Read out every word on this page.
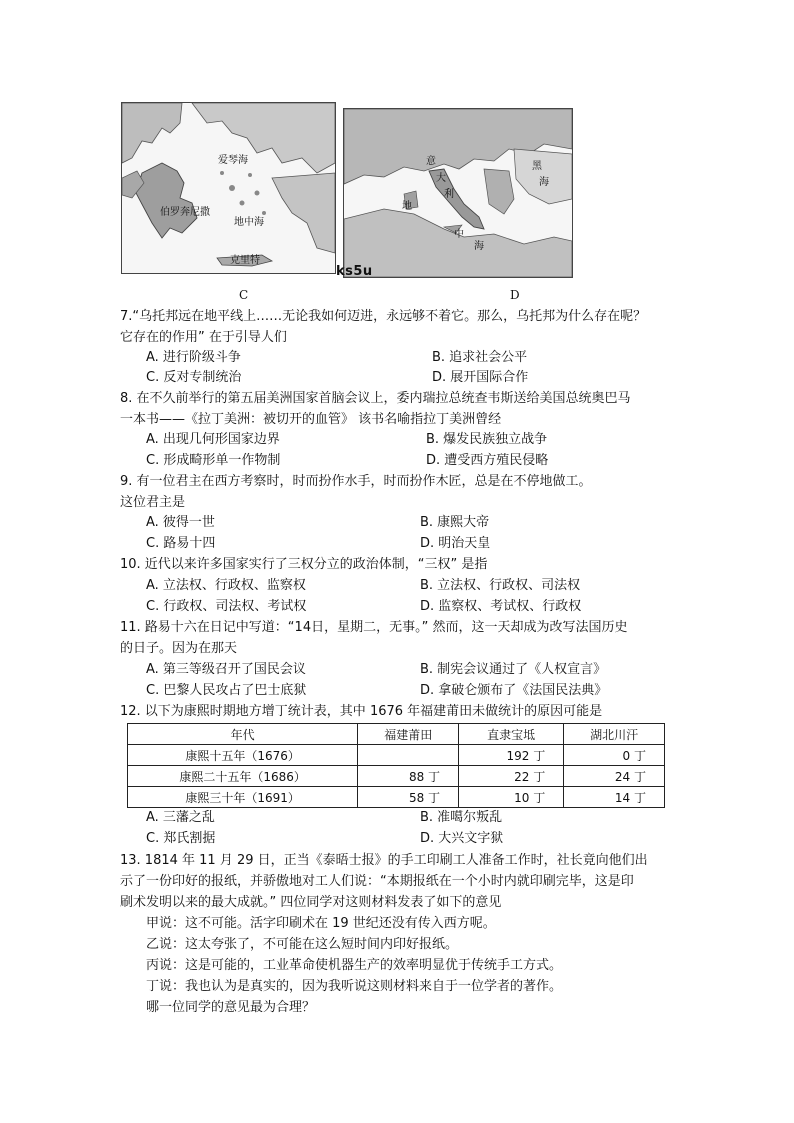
爱琴海
伯罗奔尼撒
地中海
克里特
意
大
利
地
中
海
黑
海
ks5u
C	D
7.“乌托邦远在地平线上……无论我如何迈进，永远够不着它。那么，乌托邦为什么存在呢？
它存在的作用” 在于引导人们
A. 进行阶级斗争	B. 追求社会公平
C. 反对专制统治	D. 展开国际合作
8. 在不久前举行的第五届美洲国家首脑会议上，委内瑞拉总统查韦斯送给美国总统奥巴马
一本书——《拉丁美洲：被切开的血管》 该书名喻指拉丁美洲曾经
A. 出现几何形国家边界	B. 爆发民族独立战争
C. 形成畸形单一作物制	D. 遭受西方殖民侵略
9. 有一位君主在西方考察时，时而扮作水手，时而扮作木匠，总是在不停地做工。
这位君主是
A. 彼得一世	B. 康熙大帝
C. 路易十四	D. 明治天皇
10. 近代以来许多国家实行了三权分立的政治体制，“三权” 是指
A. 立法权、行政权、监察权	B. 立法权、行政权、司法权
C. 行政权、司法权、考试权	D. 监察权、考试权、行政权
11. 路易十六在日记中写道：“14日，星期二，无事。” 然而，这一天却成为改写法国历史
的日子。因为在那天
A. 第三等级召开了国民会议	B. 制宪会议通过了《人权宣言》
C. 巴黎人民攻占了巴士底狱	D. 拿破仑颁布了《法国民法典》
12. 以下为康熙时期地方增丁统计表，其中 1676 年福建莆田未做统计的原因可能是
年代	福建莆田	直隶宝坻	湖北川汗
康熙十五年（1676）		192 丁	0 丁
康熙二十五年（1686）	88 丁	22 丁	24 丁
康熙三十年（1691）	58 丁	10 丁	14 丁
A. 三藩之乱	B. 准噶尔叛乱
C. 郑氏割据	D. 大兴文字狱
13. 1814 年 11 月 29 日，正当《泰晤士报》的手工印刷工人准备工作时，社长竟向他们出
示了一份印好的报纸，并骄傲地对工人们说：“本期报纸在一个小时内就印刷完毕，这是印
刷术发明以来的最大成就。” 四位同学对这则材料发表了如下的意见
甲说：这不可能。活字印刷术在 19 世纪还没有传入西方呢。
乙说：这太夸张了，不可能在这么短时间内印好报纸。
丙说：这是可能的，工业革命使机器生产的效率明显优于传统手工方式。
丁说：我也认为是真实的，因为我听说这则材料来自于一位学者的著作。
哪一位同学的意见最为合理？
